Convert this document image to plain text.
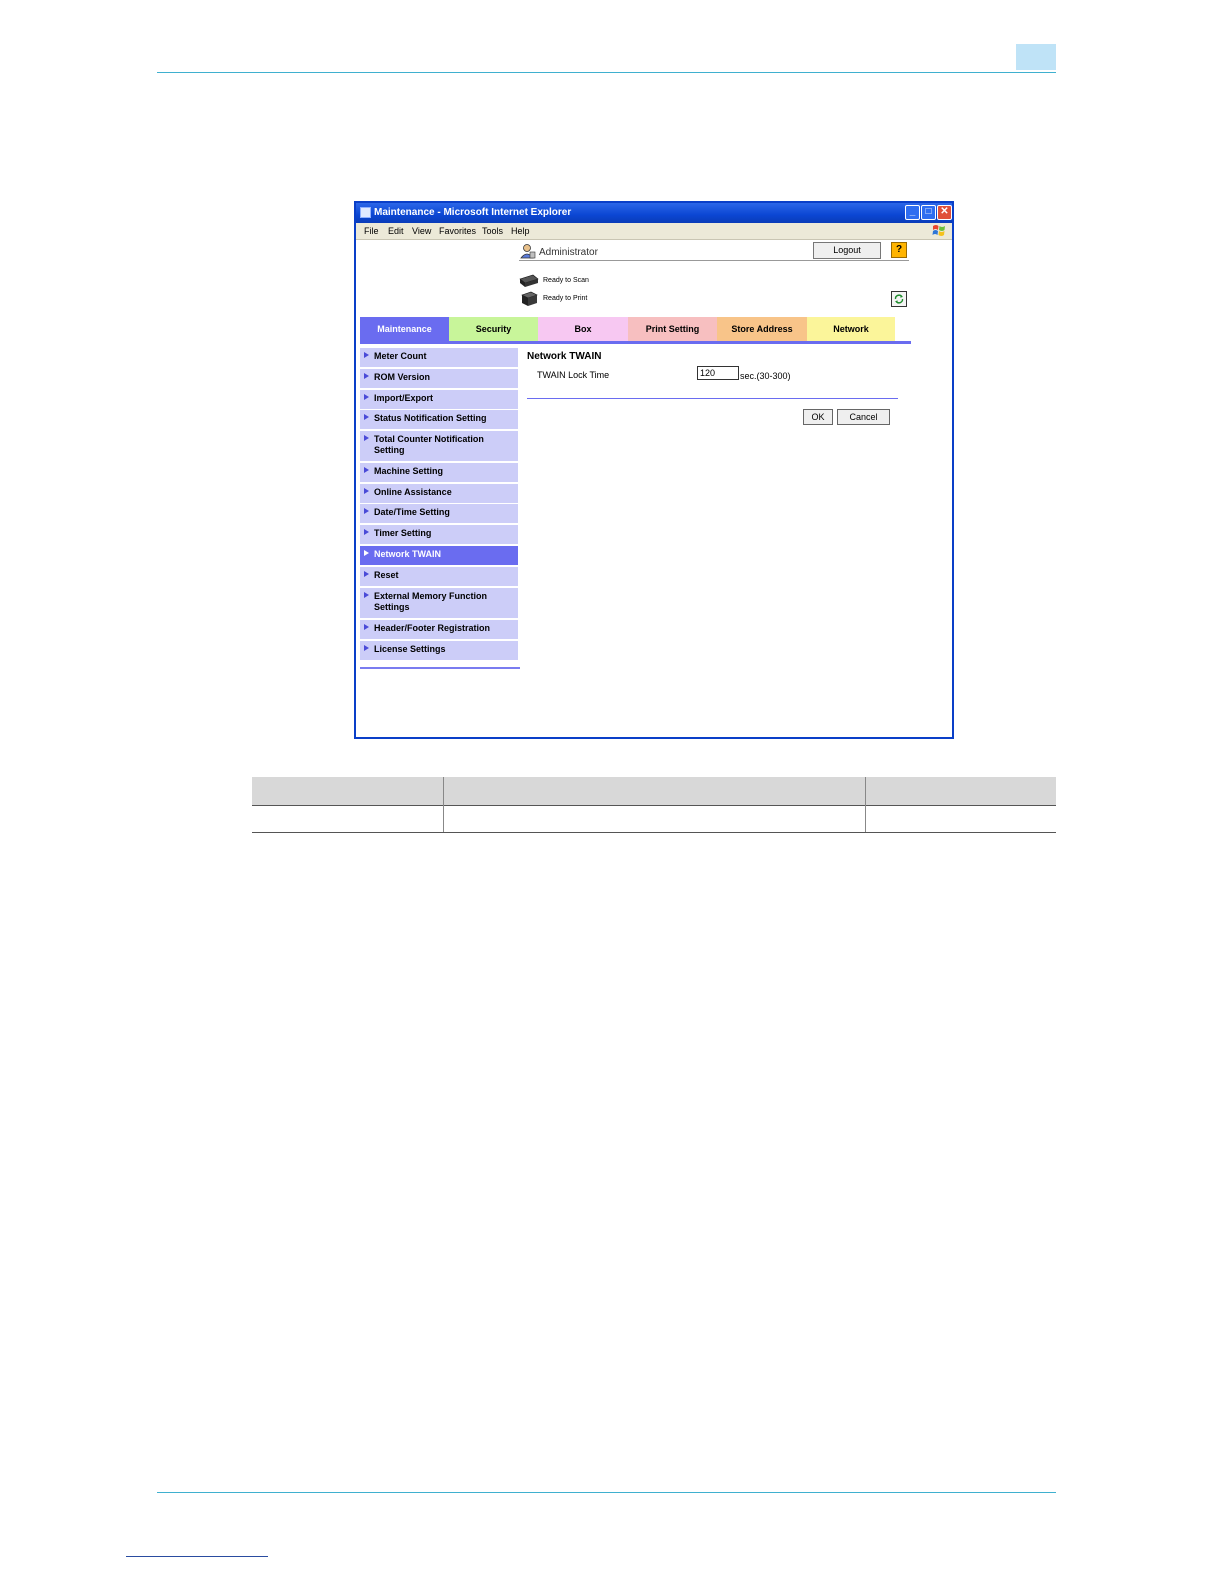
Maintenance - Microsoft Internet Explorer	_	□ ✕
File Edit View Favorites Tools Help
Administrator	Logout	?
Ready to Scan
Ready to Print
Maintenance	Security	Box	Print Setting	Store Address	Network
Meter Count
ROM Version
Import/Export
Status Notification Setting
Total Counter Notification Setting
Machine Setting
Online Assistance
Date/Time Setting
Timer Setting
Network TWAIN
Reset
External Memory Function Settings
Header/Footer Registration
License Settings
Network TWAIN
TWAIN Lock Time
120	sec.(30-300)
OK	Cancel
